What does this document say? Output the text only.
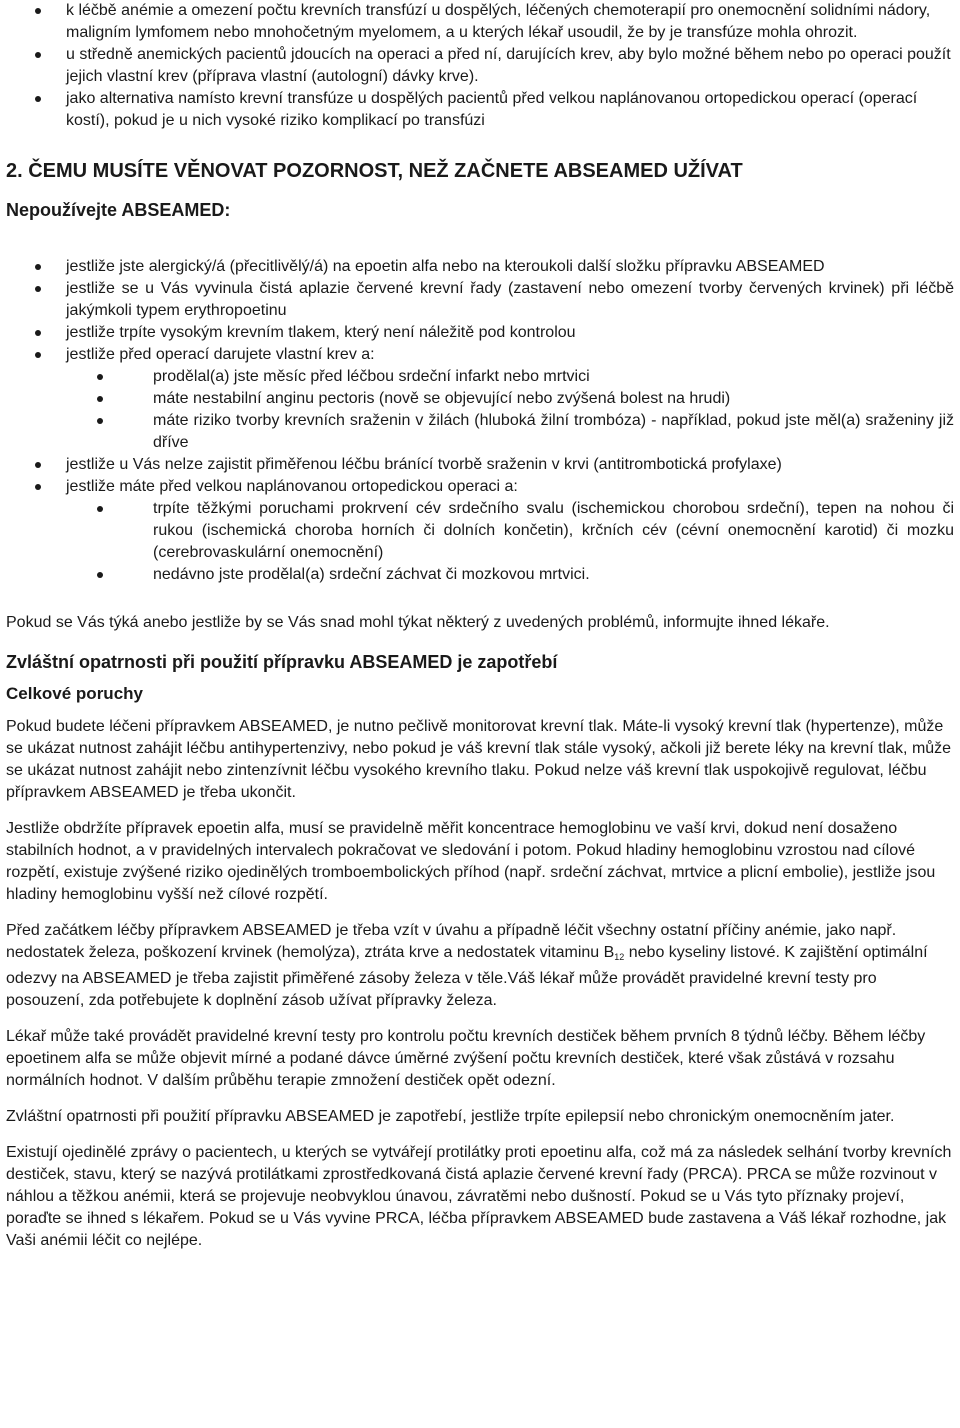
k léčbě anémie a omezení počtu krevních transfúzí u dospělých, léčených chemoterapií pro onemocnění solidními nádory, maligním lymfomem nebo mnohočetným myelomem, a u kterých lékař usoudil, že by je transfúze mohla ohrozit.
u středně anemických pacientů jdoucích na operaci a před ní, darujících krev, aby bylo možné během nebo po operaci použít jejich vlastní krev (příprava vlastní (autologní) dávky krve).
jako alternativa namísto krevní transfúze u dospělých pacientů před velkou naplánovanou ortopedickou operací (operací kostí), pokud je u nich vysoké riziko komplikací po transfúzi
2. ČEMU MUSÍTE VĚNOVAT POZORNOST, NEŽ ZAČNETE ABSEAMED UŽÍVAT
Nepoužívejte ABSEAMED:
jestliže jste alergický/á (přecitlivělý/á) na epoetin alfa nebo na kteroukoli další složku přípravku ABSEAMED
jestliže se u Vás vyvinula čistá aplazie červené krevní řady (zastavení nebo omezení tvorby červených krvinek) při léčbě jakýmkoli typem erythropoetinu
jestliže trpíte vysokým krevním tlakem, který není náležitě pod kontrolou
jestliže před operací darujete vlastní krev a:
prodělal(a) jste měsíc před léčbou srdeční infarkt nebo mrtvici
máte nestabilní anginu pectoris (nově se objevující nebo zvýšená bolest na hrudi)
máte riziko tvorby krevních sraženin v žilách (hluboká žilní trombóza) - například, pokud jste měl(a) sraženiny již dříve
jestliže u Vás nelze zajistit přiměřenou léčbu bránící tvorbě sraženin v krvi (antitrombotická profylaxe)
jestliže máte před velkou naplánovanou ortopedickou operaci a:
trpíte těžkými poruchami prokrvení cév srdečního svalu (ischemickou chorobou srdeční), tepen na nohou či rukou (ischemická choroba horních či dolních končetin), krčních cév (cévní onemocnění karotid) či mozku (cerebrovaskulární onemocnění)
nedávno jste prodělal(a) srdeční záchvat či mozkovou mrtvici.

Pokud se Vás týká anebo jestliže by se Vás snad mohl týkat některý z uvedených problémů, informujte ihned lékaře.

Zvláštní opatrnosti při použití přípravku ABSEAMED je zapotřebí
Celkové poruchy

Pokud budete léčeni přípravkem ABSEAMED, je nutno pečlivě monitorovat krevní tlak. Máte-li vysoký krevní tlak (hypertenze), může se ukázat nutnost zahájit léčbu antihypertenzivy, nebo pokud je váš krevní tlak stále vysoký, ačkoli již berete léky na krevní tlak, může se ukázat nutnost zahájit nebo zintenzívnit léčbu vysokého krevního tlaku. Pokud nelze váš krevní tlak uspokojivě regulovat, léčbu přípravkem ABSEAMED je třeba ukončit.

Jestliže obdržíte přípravek epoetin alfa, musí se pravidelně měřit koncentrace hemoglobinu ve vaší krvi, dokud není dosaženo stabilních hodnot, a v pravidelných intervalech pokračovat ve sledování i potom. Pokud hladiny hemoglobinu vzrostou nad cílové rozpětí, existuje zvýšené riziko ojedinělých tromboembolických příhod (např. srdeční záchvat, mrtvice a plicní embolie), jestliže jsou hladiny hemoglobinu vyšší než cílové rozpětí.

Před začátkem léčby přípravkem ABSEAMED je třeba vzít v úvahu a případně léčit všechny ostatní příčiny anémie, jako např. nedostatek železa, poškození krvinek (hemolýza), ztráta krve a nedostatek vitaminu B12 nebo kyseliny listové. K zajištění optimální odezvy na ABSEAMED je třeba zajistit přiměřené zásoby železa v těle.Váš lékař může provádět pravidelné krevní testy pro posouzení, zda potřebujete k doplnění zásob užívat přípravky železa.

Lékař může také provádět pravidelné krevní testy pro kontrolu počtu krevních destiček během prvních 8 týdnů léčby. Během léčby epoetinem alfa se může objevit mírné a podané dávce úměrné zvýšení počtu krevních destiček, které však zůstává v rozsahu normálních hodnot. V dalším průběhu terapie zmnožení destiček opět odezní.

Zvláštní opatrnosti při použití přípravku ABSEAMED je zapotřebí, jestliže trpíte epilepsií nebo chronickým onemocněním jater.

Existují ojedinělé zprávy o pacientech, u kterých se vytvářejí protilátky proti epoetinu alfa, což má za následek selhání tvorby krevních destiček, stavu, který se nazývá protilátkami zprostředkovaná čistá aplazie červené krevní řady (PRCA). PRCA se může rozvinout v náhlou a těžkou anémii, která se projevuje neobvyklou únavou, závratěmi nebo dušností. Pokud se u Vás tyto příznaky projeví, poraďte se ihned s lékařem. Pokud se u Vás vyvine PRCA, léčba přípravkem ABSEAMED bude zastavena a Váš lékař rozhodne, jak Vaši anémii léčit co nejlépe.
